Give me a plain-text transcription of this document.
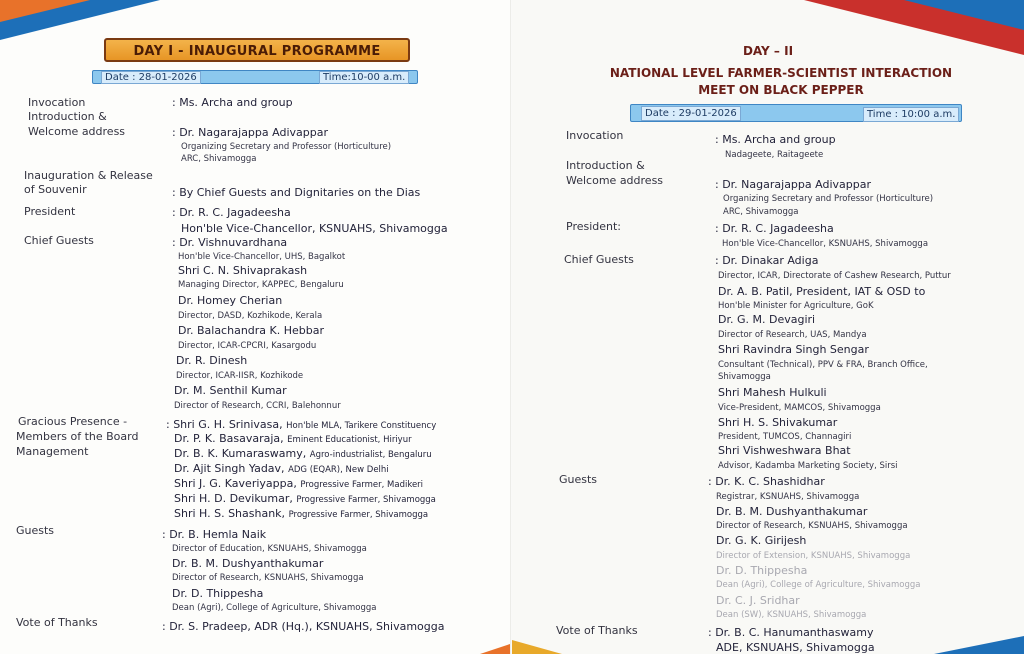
DAY I - INAUGURAL PROGRAMME
Date : 28-01-2026	Time:10-00 a.m.
Invocation	: Ms. Archa and group
Introduction &
Welcome address	: Dr. Nagarajappa Adivappar
Organizing Secretary and Professor (Horticulture)
ARC, Shivamogga
Inauguration & Release
of Souvenir	: By Chief Guests and Dignitaries on the Dias
President	: Dr. R. C. Jagadeesha
Hon'ble Vice-Chancellor, KSNUAHS, Shivamogga
Chief Guests	: Dr. Vishnuvardhana
Hon'ble Vice-Chancellor, UHS, Bagalkot
Shri C. N. Shivaprakash
Managing Director, KAPPEC, Bengaluru
Dr. Homey Cherian
Director, DASD, Kozhikode, Kerala
Dr. Balachandra K. Hebbar
Director, ICAR-CPCRI, Kasargodu
Dr. R. Dinesh
Director, ICAR-IISR, Kozhikode
Dr. M. Senthil Kumar
Director of Research, CCRI, Balehonnur
Gracious Presence -
Members of the Board
Management
: Shri G. H. Srinivasa, Hon'ble MLA, Tarikere Constituency
Dr. P. K. Basavaraja, Eminent Educationist, Hiriyur
Dr. B. K. Kumaraswamy, Agro-industrialist, Bengaluru
Dr. Ajit Singh Yadav, ADG (EQAR), New Delhi
Shri J. G. Kaveriyappa, Progressive Farmer, Madikeri
Shri H. D. Devikumar, Progressive Farmer, Shivamogga
Shri H. S. Shashank, Progressive Farmer, Shivamogga
Guests	: Dr. B. Hemla Naik
Director of Education, KSNUAHS, Shivamogga
Dr. B. M. Dushyanthakumar
Director of Research, KSNUAHS, Shivamogga
Dr. D. Thippesha
Dean (Agri), College of Agriculture, Shivamogga
Vote of Thanks	: Dr. S. Pradeep, ADR (Hq.), KSNUAHS, Shivamogga
DAY – II
NATIONAL LEVEL FARMER-SCIENTIST INTERACTION
MEET ON BLACK PEPPER
Date : 29-01-2026	Time : 10:00 a.m.
Invocation	: Ms. Archa and group
Nadageete, Raitageete
Introduction &
Welcome address	: Dr. Nagarajappa Adivappar
Organizing Secretary and Professor (Horticulture)
ARC, Shivamogga
President:	: Dr. R. C. Jagadeesha
Hon'ble Vice-Chancellor, KSNUAHS, Shivamogga
Chief Guests	: Dr. Dinakar Adiga
Director, ICAR, Directorate of Cashew Research, Puttur
Dr. A. B. Patil, President, IAT & OSD to
Hon'ble Minister for Agriculture, GoK
Dr. G. M. Devagiri
Director of Research, UAS, Mandya
Shri Ravindra Singh Sengar
Consultant (Technical), PPV & FRA, Branch Office,
Shivamogga
Shri Mahesh Hulkuli
Vice-President, MAMCOS, Shivamogga
Shri H. S. Shivakumar
President, TUMCOS, Channagiri
Shri Vishweshwara Bhat
Advisor, Kadamba Marketing Society, Sirsi
Guests	: Dr. K. C. Shashidhar
Registrar, KSNUAHS, Shivamogga
Dr. B. M. Dushyanthakumar
Director of Research, KSNUAHS, Shivamogga
Dr. G. K. Girijesh
Director of Extension, KSNUAHS, Shivamogga
Dr. D. Thippesha
Dean (Agri), College of Agriculture, Shivamogga
Dr. C. J. Sridhar
Dean (SW), KSNUAHS, Shivamogga
Vote of Thanks	: Dr. B. C. Hanumanthaswamy
ADE, KSNUAHS, Shivamogga
